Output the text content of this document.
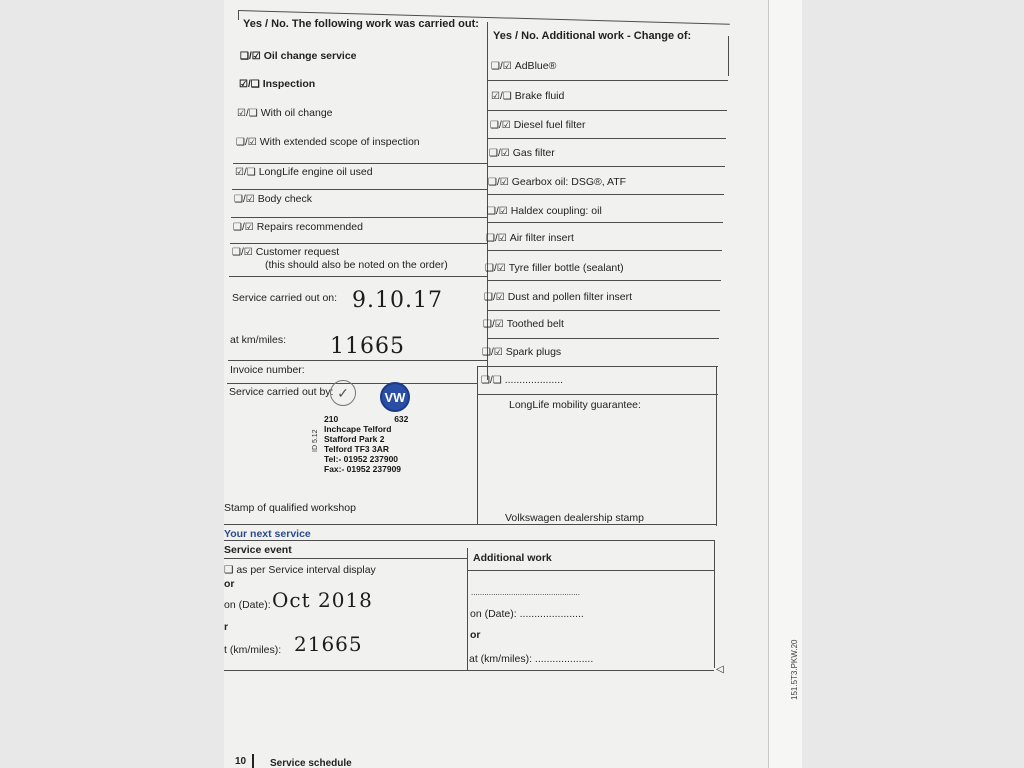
Yes / No. The following work was carried out:
Yes / No. Additional work - Change of:
❑/☑ Oil change service
☑/❑ Inspection
☑/❑ With oil change
❑/☑ With extended scope of inspection
☑/❑ LongLife engine oil used
❑/☑ Body check
❑/☑ Repairs recommended
❑/☑ Customer request
(this should also be noted on the order)
Service carried out on: 9.10.17
at km/miles: 11665
Invoice number:
Service carried out by: ✓	VW
210	632
Inchcape Telford
Stafford Park 2
Telford TF3 3AR
Tel:- 01952 237900
Fax:- 01952 237909
ID 5.12
Stamp of qualified workshop
❑/☑ AdBlue®
☑/❑ Brake fluid
❑/☑ Diesel fuel filter
❑/☑ Gas filter
❑/☑ Gearbox oil: DSG®, ATF
❑/☑ Haldex coupling: oil
❑/☑ Air filter insert
❑/☑ Tyre filler bottle (sealant)
❑/☑ Dust and pollen filter insert
❑/☑ Toothed belt
❑/☑ Spark plugs
❑/❑ ....................
LongLife mobility guarantee:
Volkswagen dealership stamp
Your next service
Service event
Additional work
❑ as per Service interval display
or
on (Date): Oct 2018
r
t (km/miles): 21665
.................................................
on (Date): ......................
or
at (km/miles): ....................
◁
10 Service schedule
151.5T3.PKW.20
